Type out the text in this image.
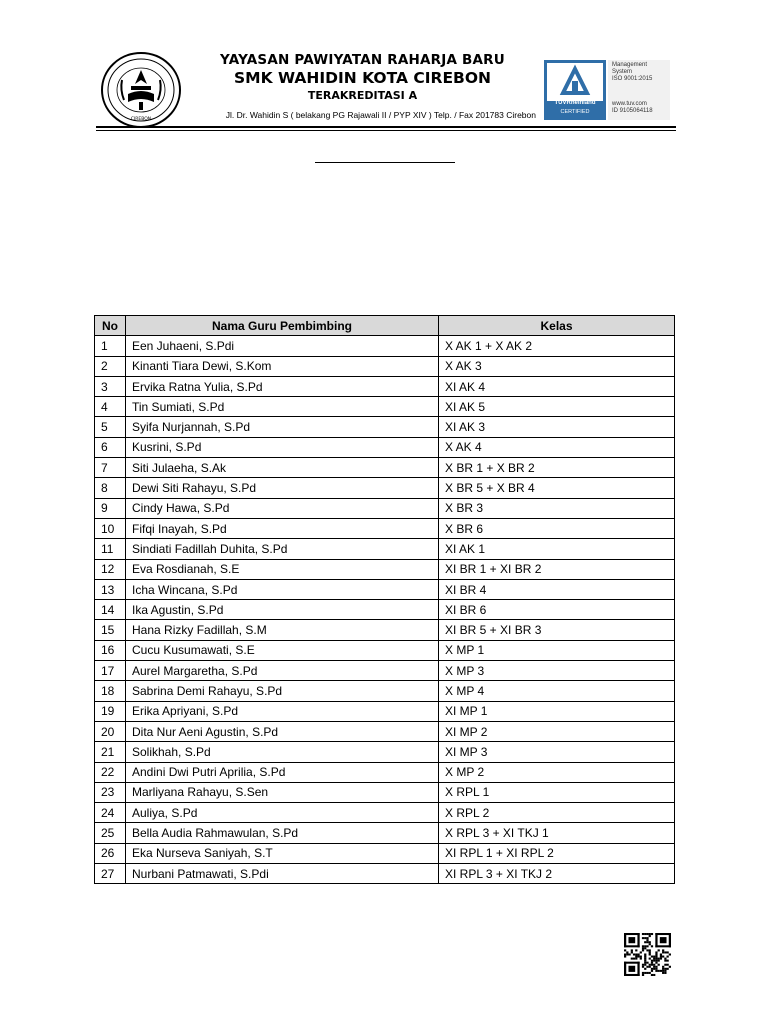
CIREBON
YAYASAN PAWIYATAN RAHARJA BARU
SMK WAHIDIN KOTA CIREBON
TERAKREDITASI A
Jl. Dr. Wahidin S ( belakang PG Rajawali II / PYP XIV ) Telp. / Fax 201783 Cirebon
TÜVRheinland
CERTIFIED
Management
System
ISO 9001:2015
www.tuv.com
ID 9105064118
No	Nama Guru Pembimbing	Kelas
1	Een Juhaeni, S.Pdi	X AK 1 + X AK 2
2	Kinanti Tiara Dewi, S.Kom	X AK 3
3	Ervika Ratna Yulia, S.Pd	XI AK 4
4	Tin Sumiati, S.Pd	XI AK 5
5	Syifa Nurjannah, S.Pd	XI AK 3
6	Kusrini, S.Pd	X AK 4
7	Siti Julaeha, S.Ak	X BR 1 + X BR 2
8	Dewi Siti Rahayu, S.Pd	X BR 5 + X BR 4
9	Cindy Hawa, S.Pd	X BR 3
10	Fifqi Inayah, S.Pd	X BR 6
11	Sindiati Fadillah Duhita, S.Pd	XI AK 1
12	Eva Rosdianah, S.E	XI BR 1 + XI BR 2
13	Icha Wincana, S.Pd	XI BR 4
14	Ika Agustin, S.Pd	XI BR 6
15	Hana Rizky Fadillah, S.M	XI BR 5 + XI BR 3
16	Cucu Kusumawati, S.E	X MP 1
17	Aurel Margaretha, S.Pd	X MP 3
18	Sabrina Demi Rahayu, S.Pd	X MP 4
19	Erika Apriyani, S.Pd	XI MP 1
20	Dita Nur Aeni Agustin, S.Pd	XI MP 2
21	Solikhah, S.Pd	XI MP 3
22	Andini Dwi Putri Aprilia, S.Pd	X MP 2
23	Marliyana Rahayu, S.Sen	X RPL 1
24	Auliya, S.Pd	X RPL 2
25	Bella Audia Rahmawulan, S.Pd	X RPL 3 + XI TKJ 1
26	Eka Nurseva Saniyah, S.T	XI RPL 1 + XI RPL 2
27	Nurbani Patmawati, S.Pdi	XI RPL 3 + XI TKJ 2
